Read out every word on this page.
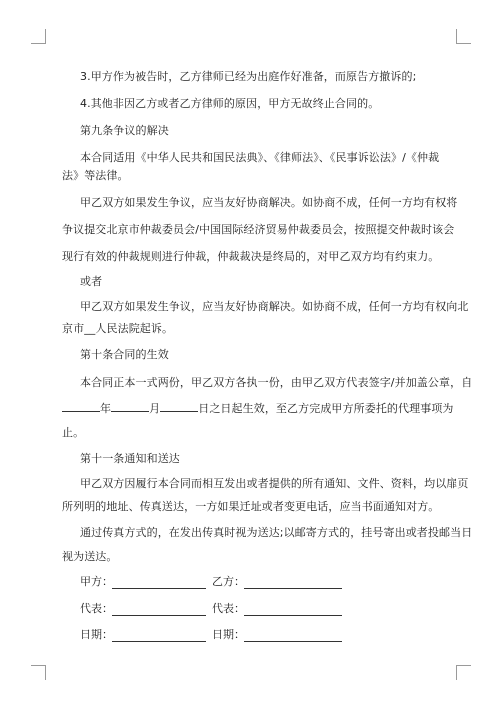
3.甲方作为被告时，乙方律师已经为出庭作好准备，而原告方撤诉的;
4.其他非因乙方或者乙方律师的原因，甲方无故终止合同的。
第九条争议的解决
本合同适用《中华人民共和国民法典》、《律师法》、《民事诉讼法》/《仲裁
法》等法律。
甲乙双方如果发生争议，应当友好协商解决。如协商不成，任何一方均有权将
争议提交北京市仲裁委员会/中国国际经济贸易仲裁委员会，按照提交仲裁时该会
现行有效的仲裁规则进行仲裁，仲裁裁决是终局的，对甲乙双方均有约束力。
或者
甲乙双方如果发生争议，应当友好协商解决。如协商不成，任何一方均有权向北
京市__人民法院起诉。
第十条合同的生效
本合同正本一式两份，甲乙双方各执一份，由甲乙双方代表签字/并加盖公章，自
年	月	日之日起生效，至乙方完成甲方所委托的代理事项为
止。
第十一条通知和送达
甲乙双方因履行本合同而相互发出或者提供的所有通知、文件、资料，均以扉页
所列明的地址、传真送达，一方如果迁址或者变更电话，应当书面通知对方。
通过传真方式的，在发出传真时视为送达;以邮寄方式的，挂号寄出或者投邮当日
视为送达。
甲方：	乙方：
代表：	代表：
日期：	日期：
